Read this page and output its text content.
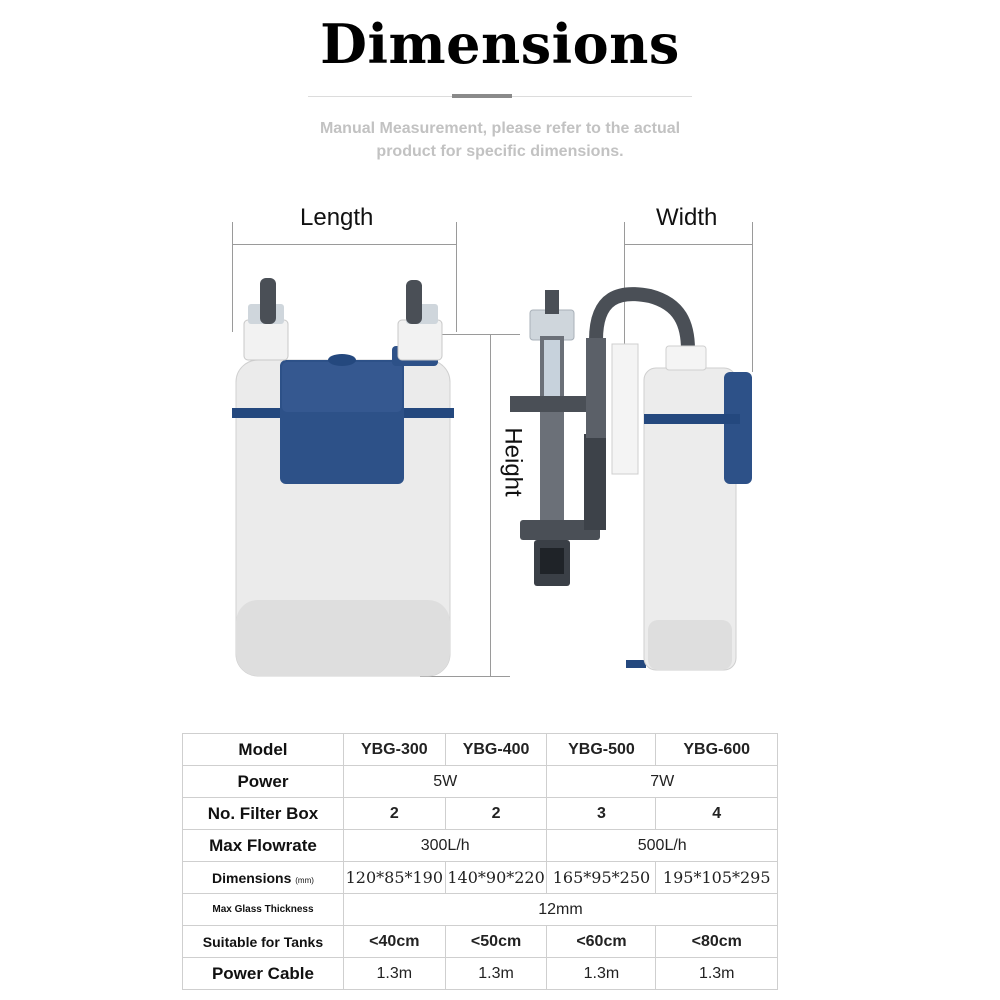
Dimensions
Manual Measurement, please refer to the actual
product for specific dimensions.
Length	Width
Height
Model	YBG-300	YBG-400	YBG-500	YBG-600
Power	5W		7W	
No. Filter Box	2	2	3	4
Max Flowrate	300L/h		500L/h	
Dimensions (mm)	120*85*190	140*90*220	165*95*250	195*105*295
Max Glass Thickness	12mm			
Suitable for Tanks	<40cm	<50cm	<60cm	<80cm
Power Cable	1.3m	1.3m	1.3m	1.3m
